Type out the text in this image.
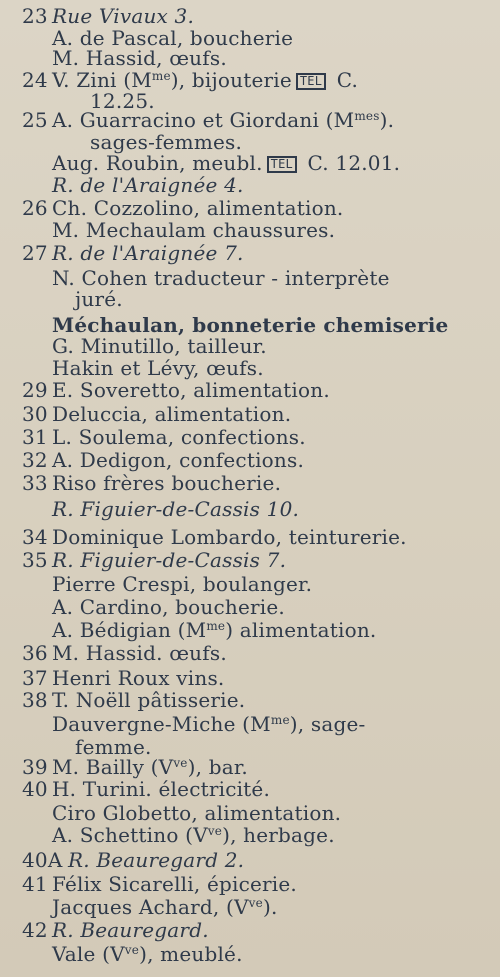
23 Rue Vivaux 3.
A. de Pascal, boucherie
M. Hassid, œufs.
24 V. Zini $(M^{me})$, bijouterie TÉL C.
12.25.
25 A. Guarracino et Giordani $(M^{mes})$.
sages-femmes.
Aug. Roubin, meubl. TÉL C. 12.01.
R. de l'Araignée 4.
26 Ch. Cozzolino, alimentation.
M. Mechaulam chaussures.
27 R. de l'Araignée 7.
N. Cohen traducteur - interprète
juré.
Méchaulan, bonneterie chemiserie
G. Minutillo, tailleur.
Hakin et Lévy, œufs.
29 E. Soveretto, alimentation.
30 Deluccia, alimentation.
31 L. Soulema, confections.
32 A. Dedigon, confections.
33 Riso frères boucherie.
R. Figuier-de-Cassis 10.
34 Dominique Lombardo, teinturerie.
35 R. Figuier-de-Cassis 7.
Pierre Crespi, boulanger.
A. Cardino, boucherie.
A. Bédigian $(M^{me})$ alimentation.
36 M. Hassid. œufs.
37 Henri Roux vins.
38 T. Noëll pâtisserie.
Dauvergne-Miche $(M^{me})$, sage-
femme.
39 M. Bailly $(V^{ve})$, bar.
40 H. Turini. électricité.
Ciro Globetto, alimentation.
A. Schettino $(V^{ve})$, herbage.
40A R. Beauregard 2.
41 Félix Sicarelli, épicerie.
Jacques Achard, $(V^{ve})$.
42 R. Beauregard.
Vale $(V^{ve})$, meublé.
